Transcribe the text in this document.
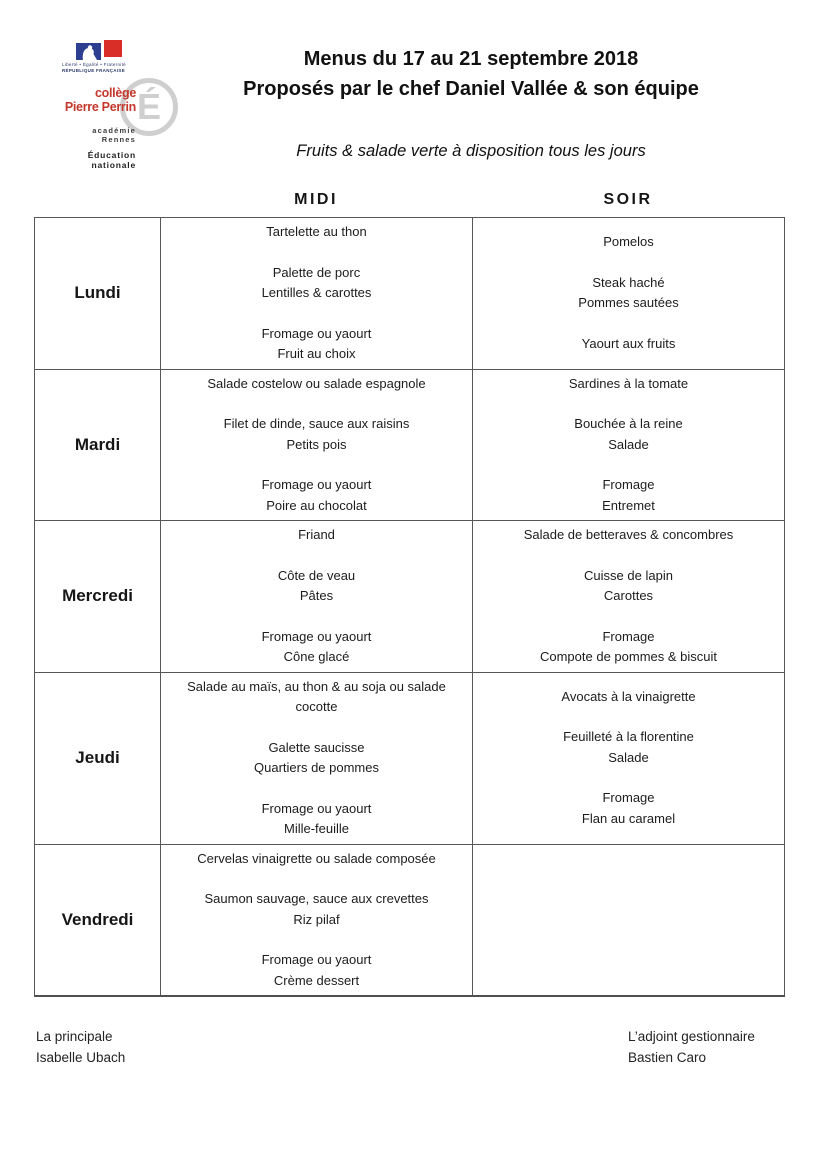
Liberté • Égalité • Fraternité
RÉPUBLIQUE FRANÇAISE
É
collège
Pierre Perrin
académie
Rennes
Éducation
nationale

Menus du 17 au 21 septembre 2018

Proposés par le chef Daniel Vallée & son équipe

Fruits & salade verte à disposition tous les jours

MIDI	SOIR
Lundi	
Tartelette au thon
Palette de porc
Lentilles & carottes
Fromage ou yaourt
Fruit au choix

Pomelos
Steak haché
Pommes sautées
Yaourt aux fruits

Mardi	
Salade costelow ou salade espagnole
Filet de dinde, sauce aux raisins
Petits pois
Fromage ou yaourt
Poire au chocolat

Sardines à la tomate
Bouchée à la reine
Salade
Fromage
Entremet

Mercredi	
Friand
Côte de veau
Pâtes
Fromage ou yaourt
Cône glacé

Salade de betteraves & concombres
Cuisse de lapin
Carottes
Fromage
Compote de pommes & biscuit

Jeudi	
Salade au maïs, au thon & au soja ou salade cocotte
Galette saucisse
Quartiers de pommes
Fromage ou yaourt
Mille-feuille

Avocats à la vinaigrette
Feuilleté à la florentine
Salade
Fromage
Flan au caramel

Vendredi	Cervelas vinaigrette ou salade composée
Saumon sauvage, sauce aux crevettes
Riz pilaf
Fromage ou yaourt
Crème dessert	

La principale
Isabelle Ubach
L’adjoint gestionnaire
Bastien Caro
